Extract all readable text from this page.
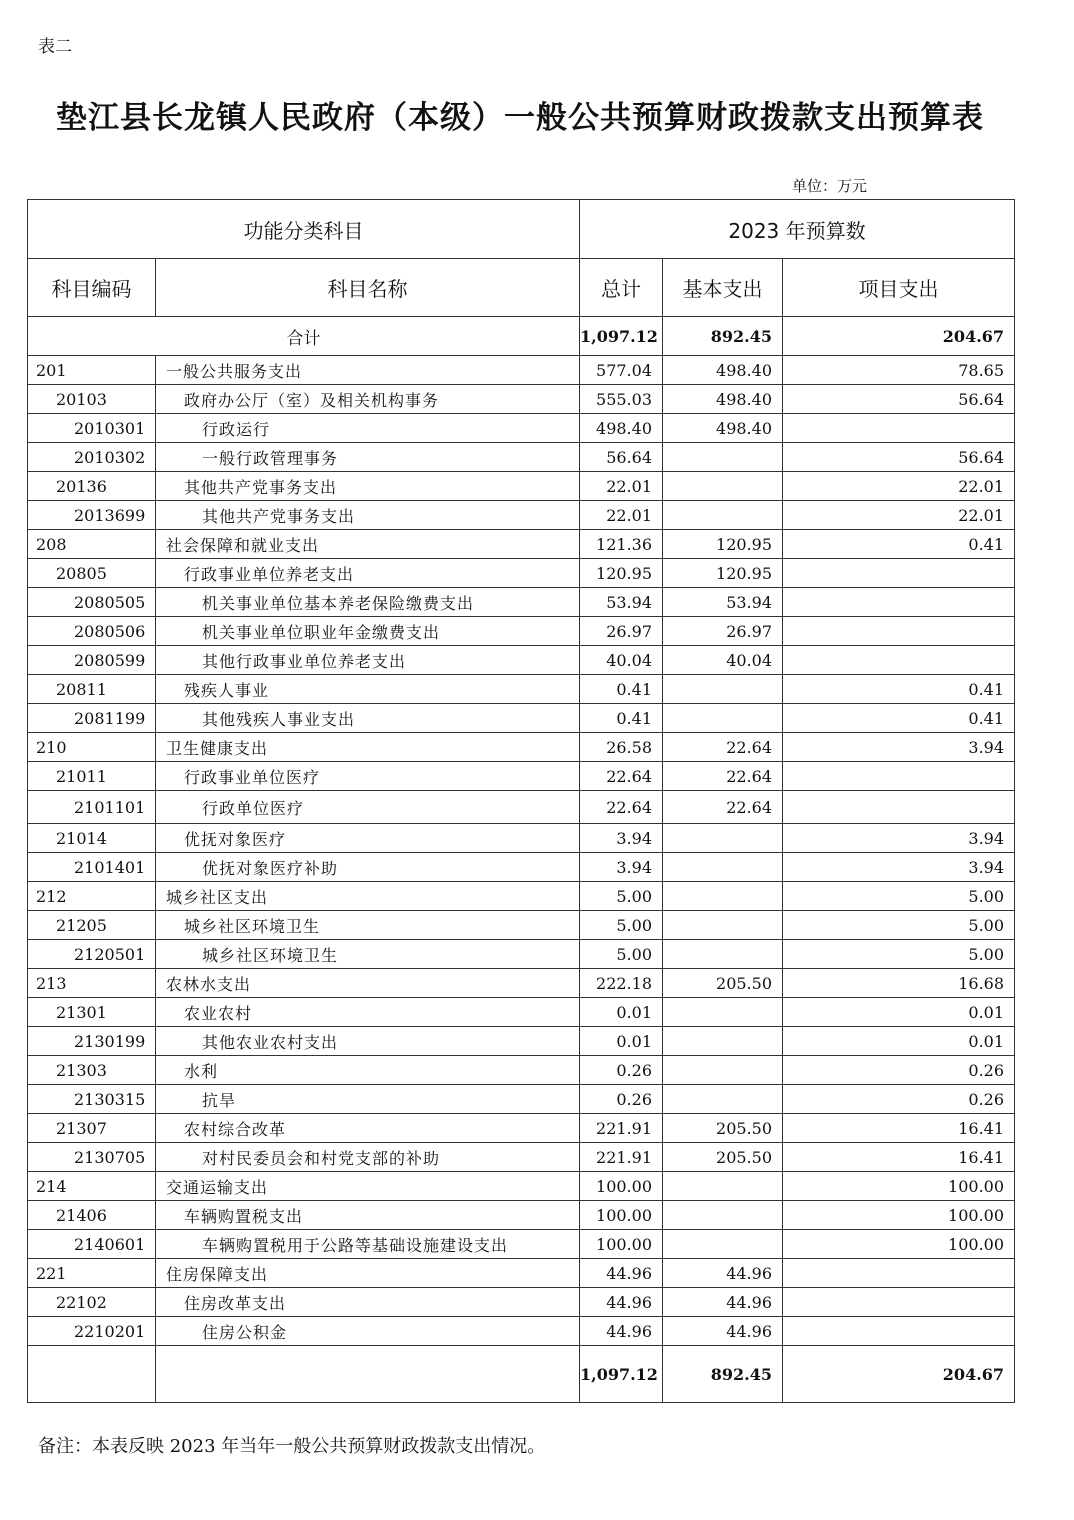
表二
垫江县长龙镇人民政府（本级）一般公共预算财政拨款支出预算表
单位：万元
功能分类科目		2023 年预算数		
科目编码	科目名称	总计	基本支出	项目支出
合计		1,097.12	892.45	204.67
201	一般公共服务支出	577.04	498.40	78.65
20103	政府办公厅（室）及相关机构事务	555.03	498.40	56.64
2010301	行政运行	498.40	498.40	
2010302	一般行政管理事务	56.64		56.64
20136	其他共产党事务支出	22.01		22.01
2013699	其他共产党事务支出	22.01		22.01
208	社会保障和就业支出	121.36	120.95	0.41
20805	行政事业单位养老支出	120.95	120.95	
2080505	机关事业单位基本养老保险缴费支出	53.94	53.94	
2080506	机关事业单位职业年金缴费支出	26.97	26.97	
2080599	其他行政事业单位养老支出	40.04	40.04	
20811	残疾人事业	0.41		0.41
2081199	其他残疾人事业支出	0.41		0.41
210	卫生健康支出	26.58	22.64	3.94
21011	行政事业单位医疗	22.64	22.64	
2101101	行政单位医疗	22.64	22.64	
21014	优抚对象医疗	3.94		3.94
2101401	优抚对象医疗补助	3.94		3.94
212	城乡社区支出	5.00		5.00
21205	城乡社区环境卫生	5.00		5.00
2120501	城乡社区环境卫生	5.00		5.00
213	农林水支出	222.18	205.50	16.68
21301	农业农村	0.01		0.01
2130199	其他农业农村支出	0.01		0.01
21303	水利	0.26		0.26
2130315	抗旱	0.26		0.26
21307	农村综合改革	221.91	205.50	16.41
2130705	对村民委员会和村党支部的补助	221.91	205.50	16.41
214	交通运输支出	100.00		100.00
21406	车辆购置税支出	100.00		100.00
2140601	车辆购置税用于公路等基础设施建设支出	100.00		100.00
221	住房保障支出	44.96	44.96	
22102	住房改革支出	44.96	44.96	
2210201	住房公积金	44.96	44.96	
		1,097.12	892.45	204.67
备注：本表反映 2023 年当年一般公共预算财政拨款支出情况。
